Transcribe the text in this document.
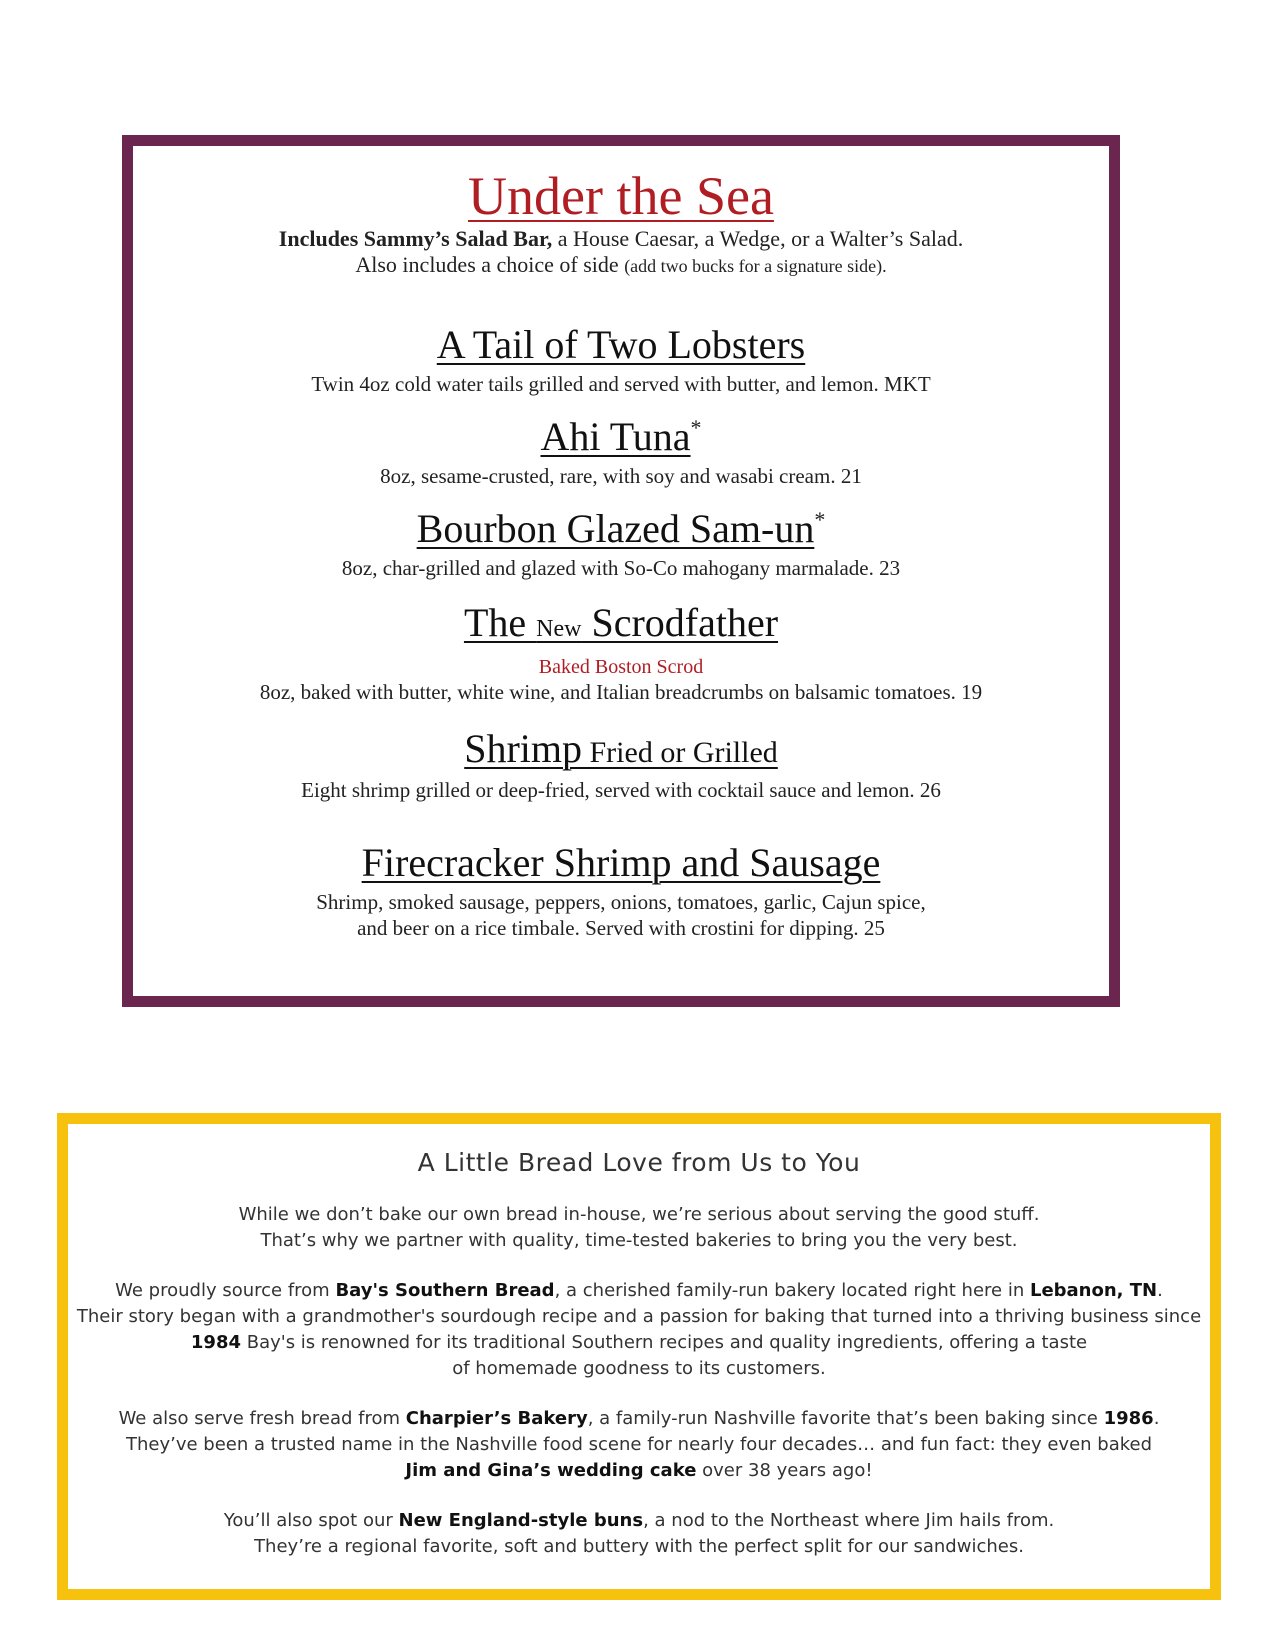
Under the Sea
Includes Sammy’s Salad Bar, a House Caesar, a Wedge, or a Walter’s Salad.
Also includes a choice of side (add two bucks for a signature side).
A Tail of Two Lobsters
Twin 4oz cold water tails grilled and served with butter, and lemon. MKT
Ahi Tuna*
8oz, sesame-crusted, rare, with soy and wasabi cream. 21
Bourbon Glazed Sam-un*
8oz, char-grilled and glazed with So-Co mahogany marmalade. 23
The New Scrodfather
Baked Boston Scrod
8oz, baked with butter, white wine, and Italian breadcrumbs on balsamic tomatoes. 19
Shrimp Fried or Grilled
Eight shrimp grilled or deep-fried, served with cocktail sauce and lemon. 26
Firecracker Shrimp and Sausage
Shrimp, smoked sausage, peppers, onions, tomatoes, garlic, Cajun spice,
and beer on a rice timbale. Served with crostini for dipping. 25
A Little Bread Love from Us to You
While we don’t bake our own bread in-house, we’re serious about serving the good stuff.
That’s why we partner with quality, time-tested bakeries to bring you the very best.
We proudly source from Bay's Southern Bread, a cherished family-run bakery located right here in Lebanon, TN.
Their story began with a grandmother's sourdough recipe and a passion for baking that turned into a thriving business since
1984 Bay's is renowned for its traditional Southern recipes and quality ingredients, offering a taste
of homemade goodness to its customers.
We also serve fresh bread from Charpier’s Bakery, a family-run Nashville favorite that’s been baking since 1986.
They’ve been a trusted name in the Nashville food scene for nearly four decades… and fun fact: they even baked
Jim and Gina’s wedding cake over 38 years ago!
You’ll also spot our New England-style buns, a nod to the Northeast where Jim hails from.
They’re a regional favorite, soft and buttery with the perfect split for our sandwiches.
